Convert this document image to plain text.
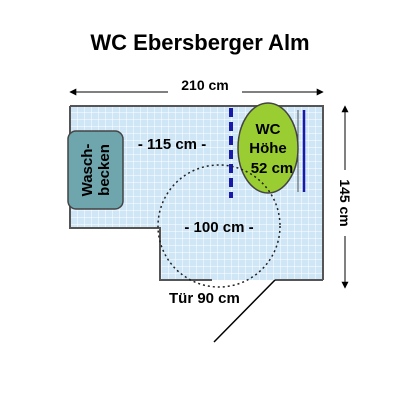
WC Ebersberger Alm
210 cm
145 cm
Tür 90 cm
Wasch- becken
WC
Höhe
52 cm
- 115 cm -
- 100 cm -
